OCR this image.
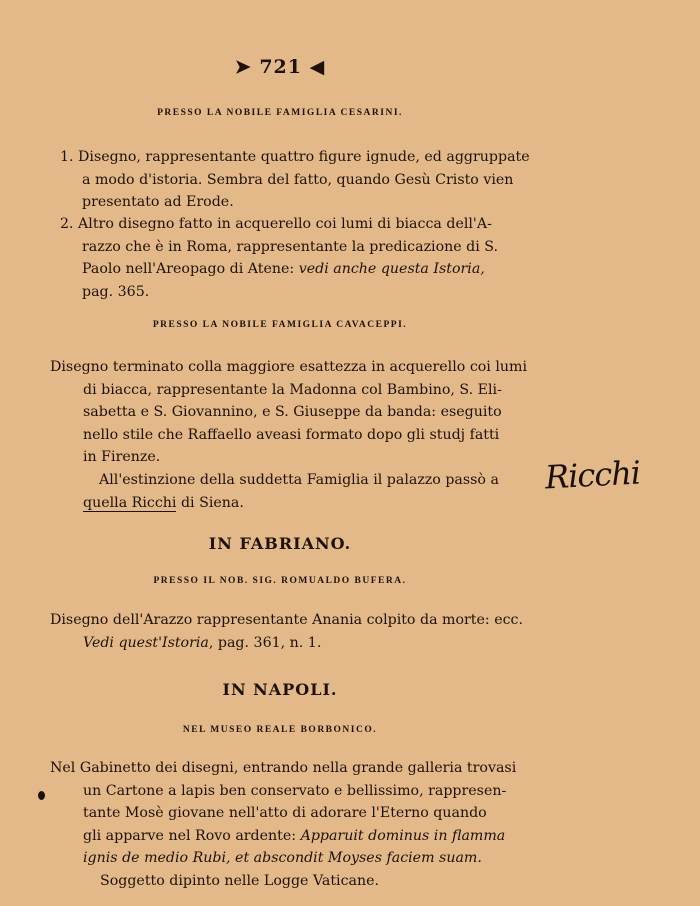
➤ 721 ◀
PRESSO LA NOBILE FAMIGLIA CESARINI.
1. Disegno, rappresentante quattro figure ignude, ed aggruppate
a modo d'istoria. Sembra del fatto, quando Gesù Cristo vien
presentato ad Erode.
2. Altro disegno fatto in acquerello coi lumi di biacca dell'A-
razzo che è in Roma, rappresentante la predicazione di S.
Paolo nell'Areopago di Atene: vedi anche questa Istoria,
pag. 365.
PRESSO LA NOBILE FAMIGLIA CAVACEPPI.
Disegno terminato colla maggiore esattezza in acquerello coi lumi
di biacca, rappresentante la Madonna col Bambino, S. Eli-
sabetta e S. Giovannino, e S. Giuseppe da banda: eseguito
nello stile che Raffaello aveasi formato dopo gli studj fatti
in Firenze.
All'estinzione della suddetta Famiglia il palazzo passò a
quella Ricchi di Siena.
IN FABRIANO.
PRESSO IL NOB. SIG. ROMUALDO BUFERA.
Disegno dell'Arazzo rappresentante Anania colpito da morte: ecc.
Vedi quest'Istoria, pag. 361, n. 1.
IN NAPOLI.
NEL MUSEO REALE BORBONICO.
Nel Gabinetto dei disegni, entrando nella grande galleria trovasi
un Cartone a lapis ben conservato e bellissimo, rappresen-
tante Mosè giovane nell'atto di adorare l'Eterno quando
gli apparve nel Rovo ardente: Apparuit dominus in flamma
ignis de medio Rubi, et abscondit Moyses faciem suam.
Soggetto dipinto nelle Logge Vaticane.
Ricchi
